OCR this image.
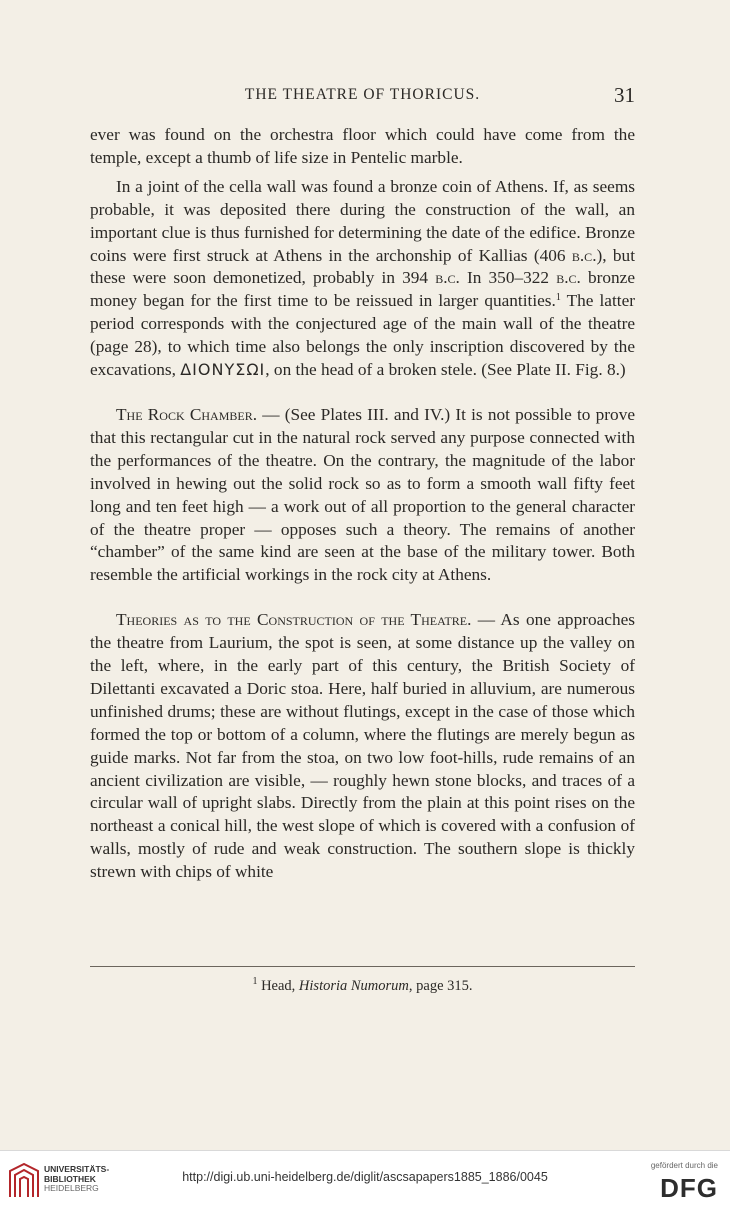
THE THEATRE OF THORICUS.	31

ever was found on the orchestra floor which could have come from the temple, except a thumb of life size in Pentelic marble.

In a joint of the cella wall was found a bronze coin of Athens. If, as seems probable, it was deposited there during the construction of the wall, an important clue is thus furnished for determining the date of the edifice. Bronze coins were first struck at Athens in the archonship of Kallias (406 b.c.), but these were soon demonetized, probably in 394 b.c. In 350–322 b.c. bronze money began for the first time to be reissued in larger quantities.$^1$ The latter period corresponds with the conjectured age of the main wall of the theatre (page 28), to which time also belongs the only inscription discovered by the excavations, ΔΙΟΝΥΣΩΙ, on the head of a broken stele. (See Plate II. Fig. 8.)

The Rock Chamber. — (See Plates III. and IV.) It is not possible to prove that this rectangular cut in the natural rock served any purpose connected with the performances of the theatre. On the contrary, the magnitude of the labor involved in hewing out the solid rock so as to form a smooth wall fifty feet long and ten feet high — a work out of all proportion to the general character of the theatre proper — opposes such a theory. The remains of another “chamber” of the same kind are seen at the base of the military tower. Both resemble the artificial workings in the rock city at Athens.

Theories as to the Construction of the Theatre. — As one approaches the theatre from Laurium, the spot is seen, at some distance up the valley on the left, where, in the early part of this century, the British Society of Dilettanti excavated a Doric stoa. Here, half buried in alluvium, are numerous unfinished drums; these are without flutings, except in the case of those which formed the top or bottom of a column, where the flutings are merely begun as guide marks. Not far from the stoa, on two low foot-hills, rude remains of an ancient civilization are visible, — roughly hewn stone blocks, and traces of a circular wall of upright slabs. Directly from the plain at this point rises on the northeast a conical hill, the west slope of which is covered with a confusion of walls, mostly of rude and weak construction. The southern slope is thickly strewn with chips of white

$^1$ Head, Historia Numorum, page 315.
UNIVERSITÄTS-
BIBLIOTHEK
HEIDELBERG
http://digi.ub.uni-heidelberg.de/diglit/ascsapapers1885_1886/0045
gefördert durch die
DFG
